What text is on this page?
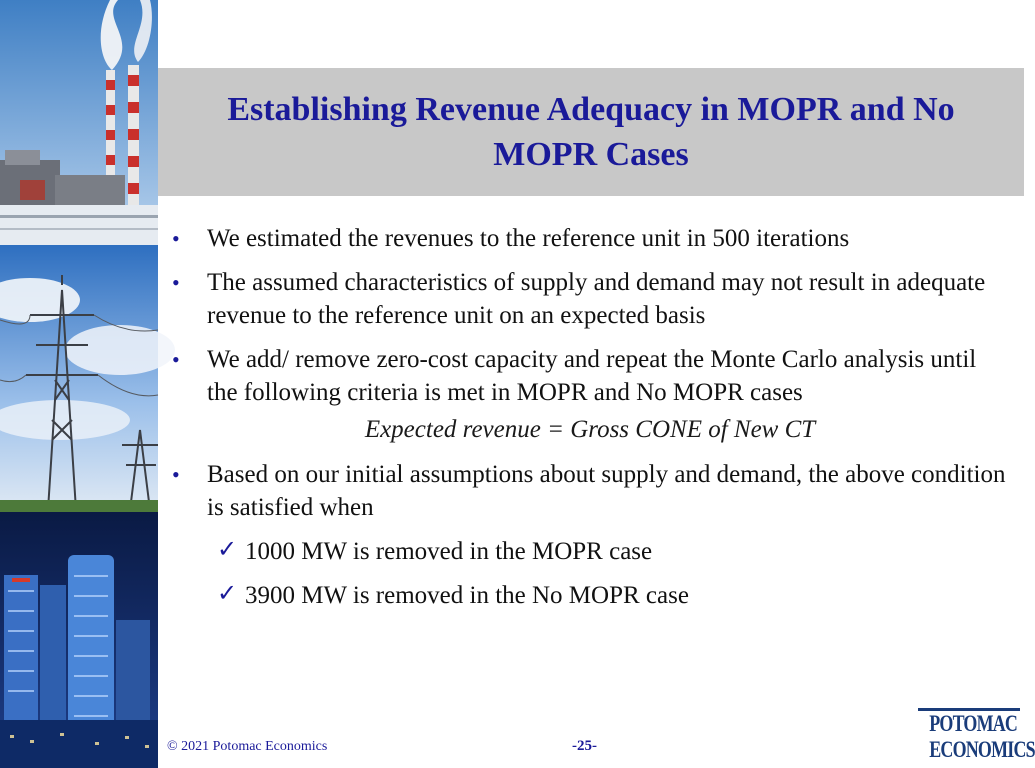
Establishing Revenue Adequacy in MOPR and No MOPR Cases
• We estimated the revenues to the reference unit in 500 iterations
• The assumed characteristics of supply and demand may not result in adequate revenue to the reference unit on an expected basis
• We add/ remove zero-cost capacity and repeat the Monte Carlo analysis until the following criteria is met in MOPR and No MOPR cases
Expected revenue = Gross CONE of New CT
• Based on our initial assumptions about supply and demand, the above condition is satisfied when
✓ 1000 MW is removed in the MOPR case
✓ 3900 MW is removed in the No MOPR case
© 2021 Potomac Economics	-25-
POTOMAC
ECONOMICS
